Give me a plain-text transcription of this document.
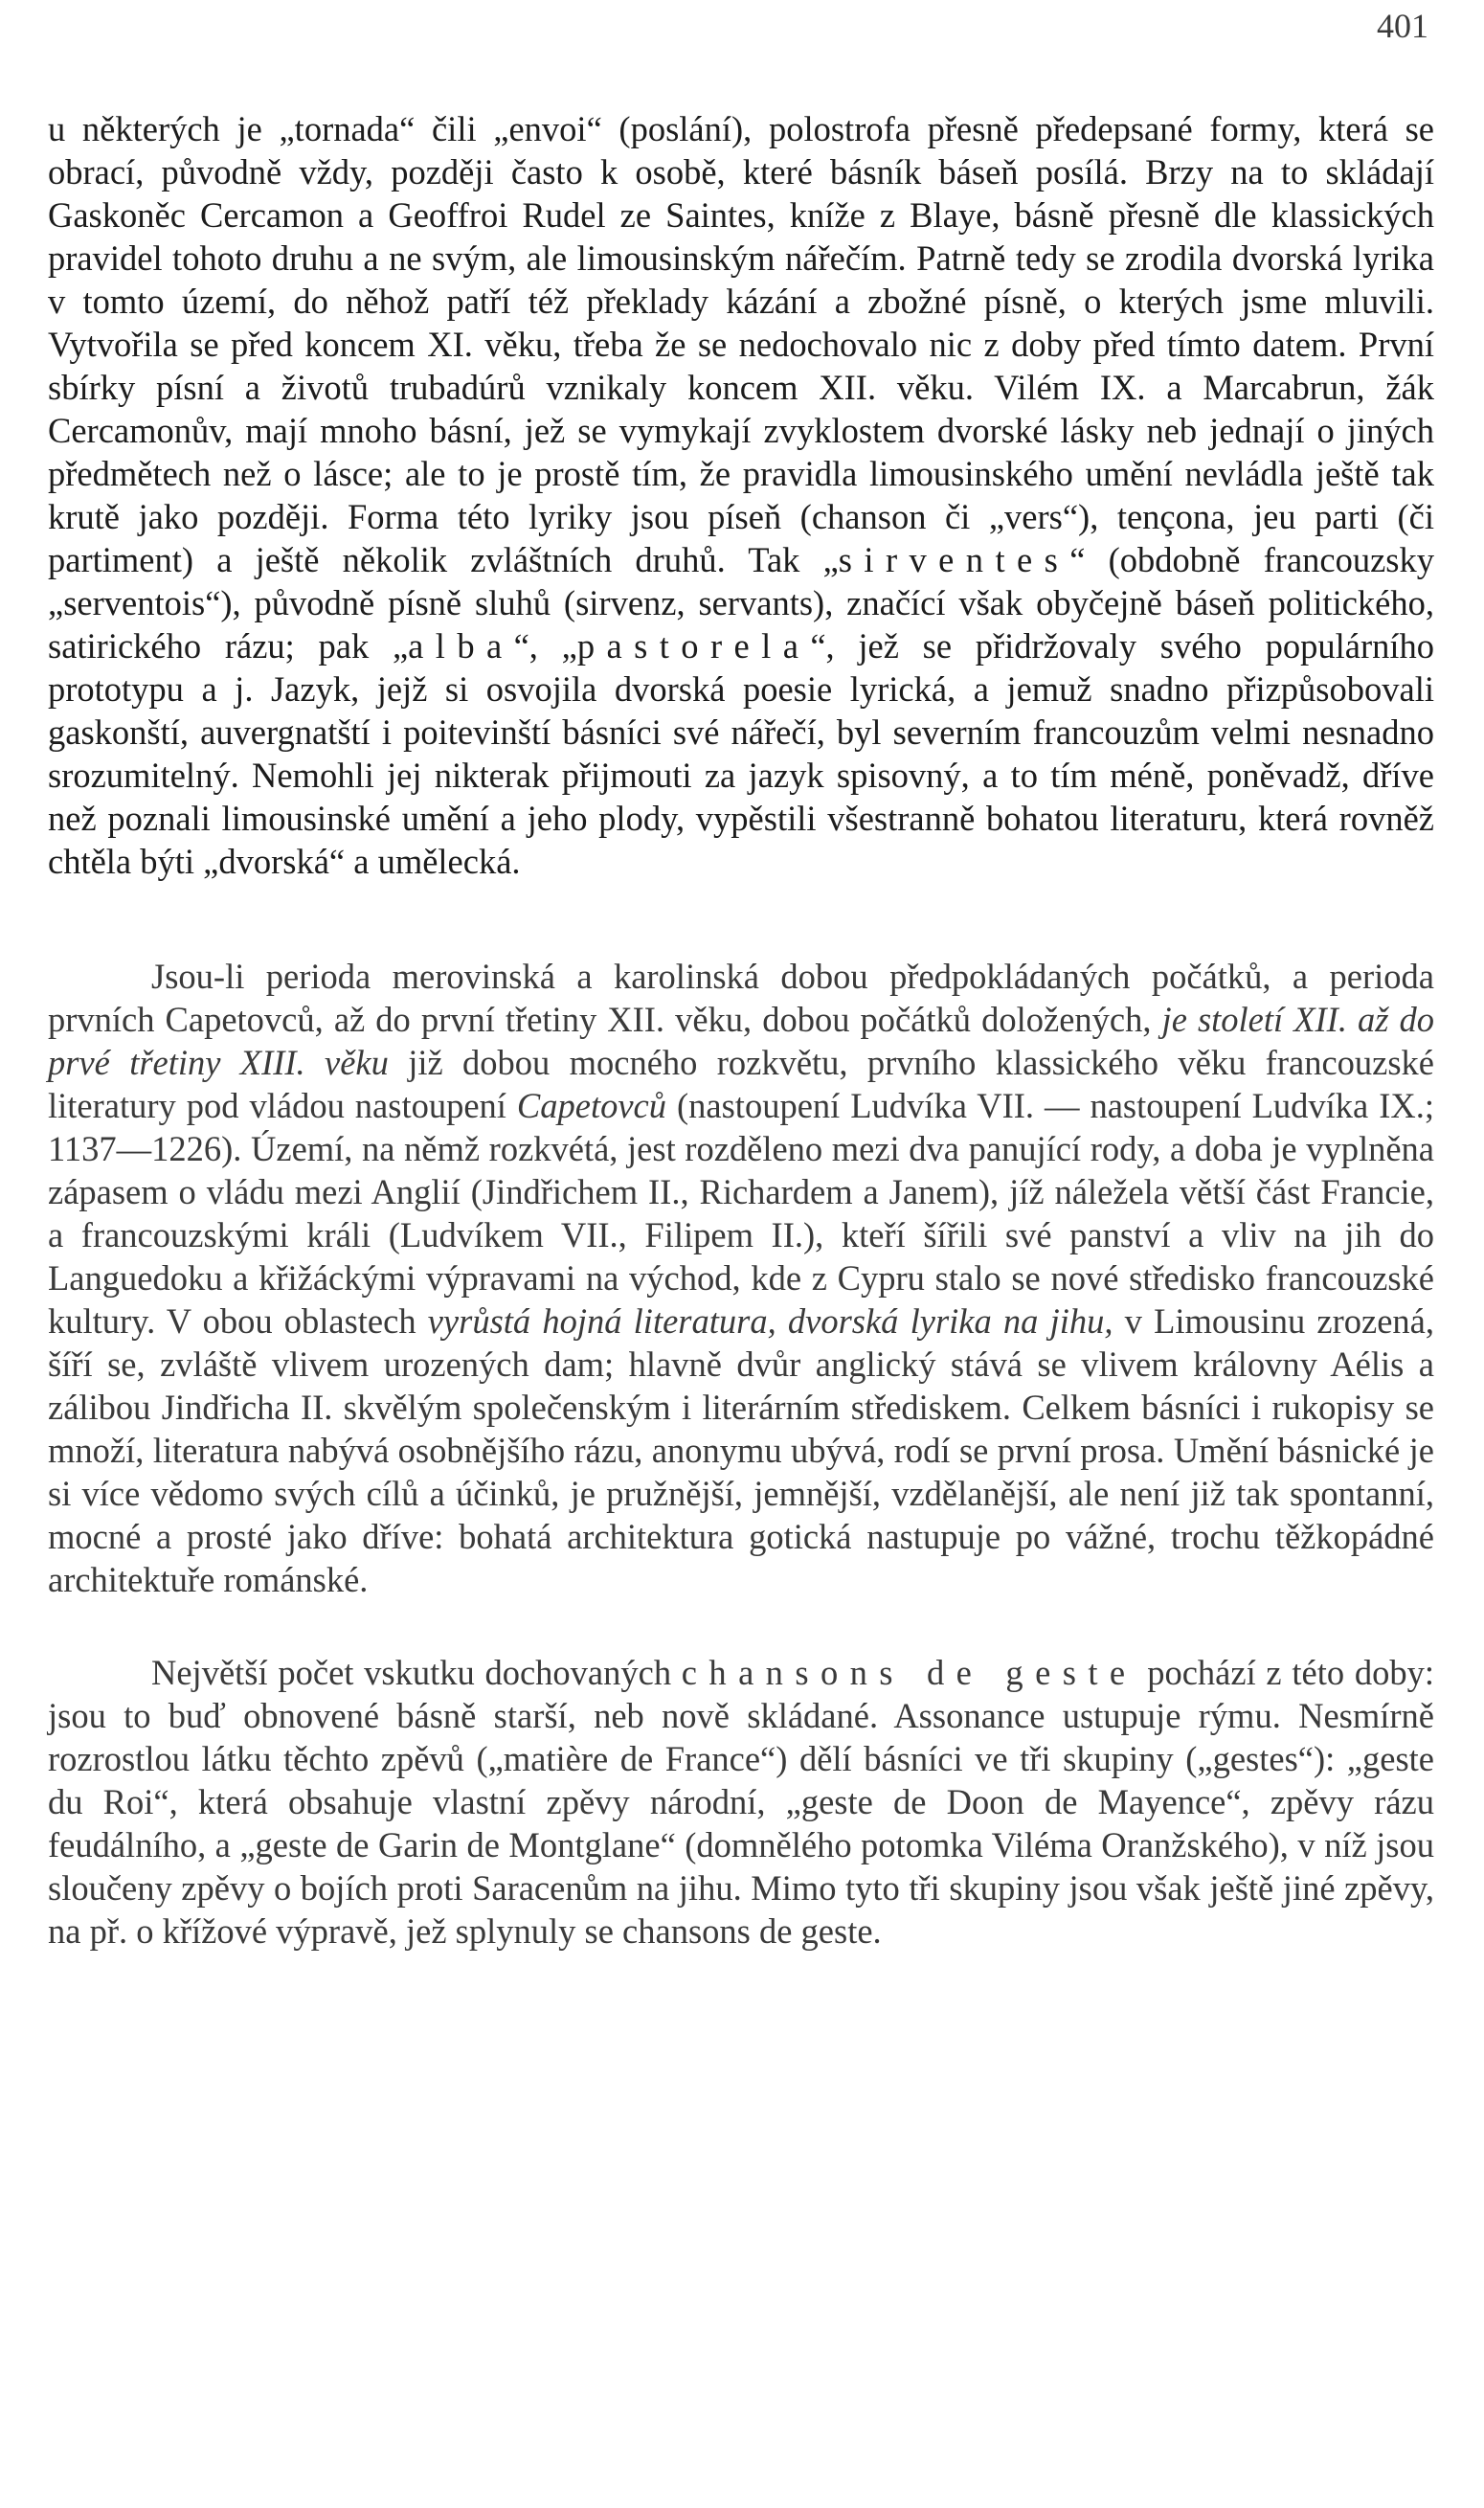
401

u některých je „tornada“ čili „envoi“ (poslání), polostrofa přesně předepsané formy, která se obrací, původně vždy, později často k osobě, které básník báseň posílá. Brzy na to skládají Gaskoněc Cercamon a Geoffroi Rudel ze Saintes, kníže z Blaye, básně přesně dle klassických pravidel tohoto druhu a ne svým, ale limousinským nářečím. Patrně tedy se zrodila dvorská lyrika v tomto území, do něhož patří též překlady kázání a zbožné písně, o kterých jsme mluvili. Vytvořila se před koncem XI. věku, třeba že se nedochovalo nic z doby před tímto datem. První sbírky písní a životů trubadúrů vznikaly koncem XII. věku. Vilém IX. a Marcabrun, žák Cercamonův, mají mnoho básní, jež se vymykají zvyklostem dvorské lásky neb jednají o jiných předmětech než o lásce; ale to je prostě tím, že pravidla limousinského umění nevládla ještě tak krutě jako později. Forma této lyriky jsou píseň (chanson či „vers“), tençona, jeu parti (či partiment) a ještě několik zvláštních druhů. Tak „sirventes“ (obdobně francouzsky „serventois“), původně písně sluhů (sirvenz, servants), značící však obyčejně báseň politického, satirického rázu; pak „alba“, „pastorela“, jež se přidržovaly svého populárního prototypu a j. Jazyk, jejž si osvojila dvorská poesie lyrická, a jemuž snadno přizpůsobovali gaskonští, auvergnatští i poitevinští básníci své nářečí, byl severním francouzům velmi nesnadno srozumitelný. Nemohli jej nikterak přijmouti za jazyk spisovný, a to tím méně, poněvadž, dříve než poznali limousinské umění a jeho plody, vypěstili všestranně bohatou literaturu, která rovněž chtěla býti „dvorská“ a umělecká.

Jsou-li perioda merovinská a karolinská dobou předpokládaných počátků, a perioda prvních Capetovců, až do první třetiny XII. věku, dobou počátků doložených, je století XII. až do prvé třetiny XIII. věku již dobou mocného rozkvětu, prvního klassického věku francouzské literatury pod vládou nastoupení Capetovců (nastoupení Ludvíka VII. — nastoupení Ludvíka IX.; 1137—1226). Území, na němž rozkvétá, jest rozděleno mezi dva panující rody, a doba je vyplněna zápasem o vládu mezi Anglií (Jindřichem II., Richardem a Janem), jíž náležela větší část Francie, a francouzskými králi (Ludvíkem VII., Filipem II.), kteří šířili své panství a vliv na jih do Languedoku a křižáckými výpravami na východ, kde z Cypru stalo se nové středisko francouzské kultury. V obou oblastech vyrůstá hojná literatura, dvorská lyrika na jihu, v Limousinu zrozená, šíří se, zvláště vlivem urozených dam; hlavně dvůr anglický stává se vlivem královny Aélis a zálibou Jindřicha II. skvělým společenským i literárním střediskem. Celkem básníci i rukopisy se množí, literatura nabývá osobnějšího rázu, anonymu ubývá, rodí se první prosa. Umění básnické je si více vědomo svých cílů a účinků, je pružnější, jemnější, vzdělanější, ale není již tak spontanní, mocné a prosté jako dříve: bohatá architektura gotická nastupuje po vážné, trochu těžkopádné architektuře románské.

Největší počet vskutku dochovaných chansons de geste pochází z této doby: jsou to buď obnovené básně starší, neb nově skládané. Assonance ustupuje rýmu. Nesmírně rozrostlou látku těchto zpěvů („matière de France“) dělí básníci ve tři skupiny („gestes“): „geste du Roi“, která obsahuje vlastní zpěvy národní, „geste de Doon de Mayence“, zpěvy rázu feudálního, a „geste de Garin de Montglane“ (domnělého potomka Viléma Oranžského), v níž jsou sloučeny zpěvy o bojích proti Saracenům na jihu. Mimo tyto tři skupiny jsou však ještě jiné zpěvy, na př. o křížové výpravě, jež splynuly se chansons de geste.
